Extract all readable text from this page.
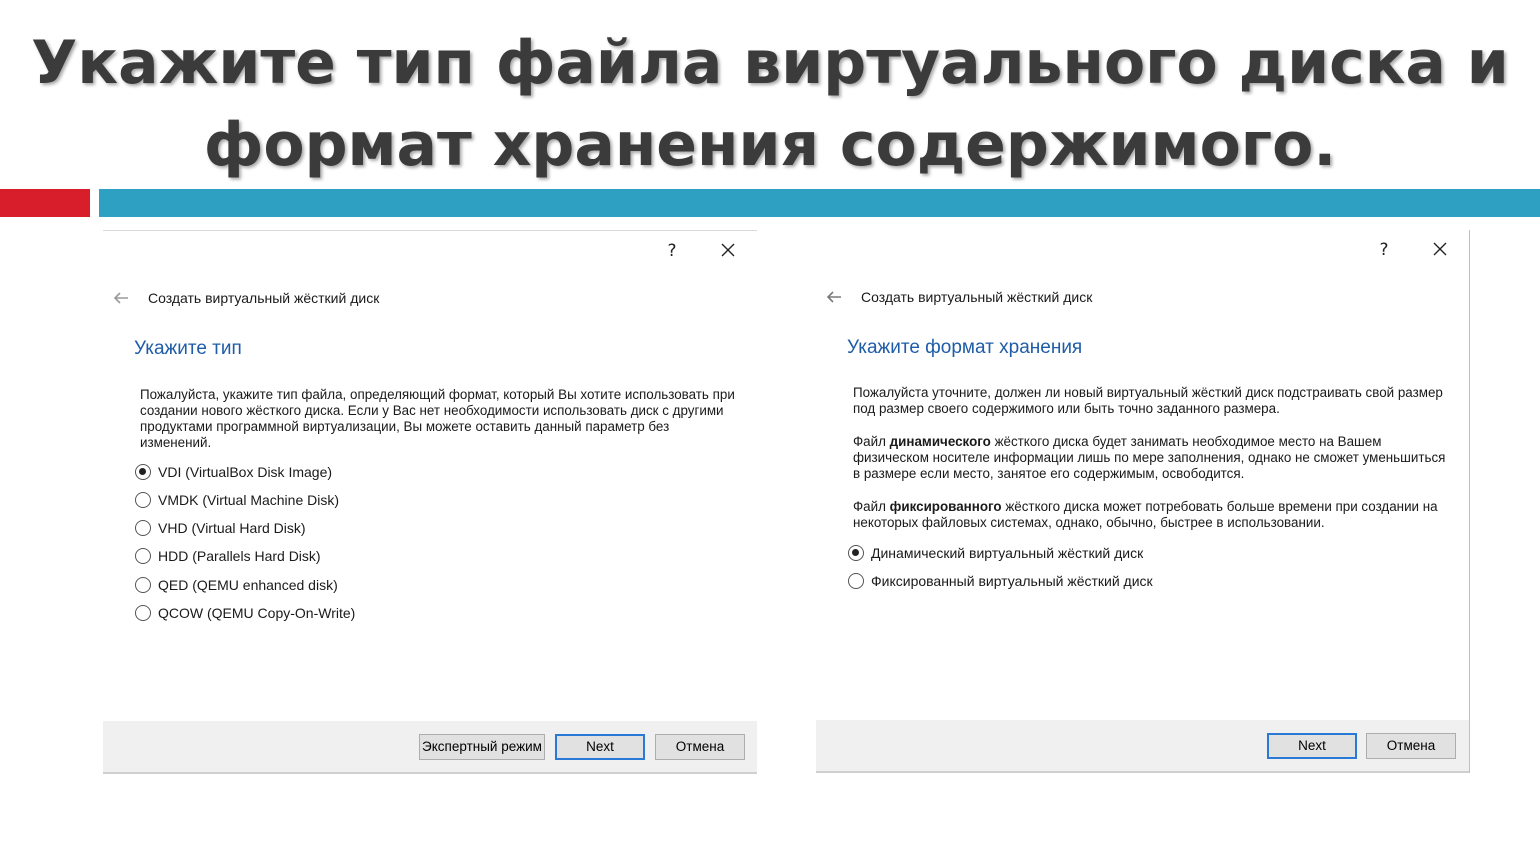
Укажите тип файла виртуального диска и
формат хранения содержимого.
?
Создать виртуальный жёсткий диск
Укажите тип
Пожалуйста, укажите тип файла, определяющий формат, который Вы хотите использовать при создании нового жёсткого диска. Если у Вас нет необходимости использовать диск с другими продуктами программной виртуализации, Вы можете оставить данный параметр без изменений.
VDI (VirtualBox Disk Image)
VMDK (Virtual Machine Disk)
VHD (Virtual Hard Disk)
HDD (Parallels Hard Disk)
QED (QEMU enhanced disk)
QCOW (QEMU Copy-On-Write)
Экспертный режим	Next	Отмена
?
Создать виртуальный жёсткий диск
Укажите формат хранения
Пожалуйста уточните, должен ли новый виртуальный жёсткий диск подстраивать свой размер под размер своего содержимого или быть точно заданного размера.
Файл динамического жёсткого диска будет занимать необходимое место на Вашем физическом носителе информации лишь по мере заполнения, однако не сможет уменьшиться в размере если место, занятое его содержимым, освободится.
Файл фиксированного жёсткого диска может потребовать больше времени при создании на некоторых файловых системах, однако, обычно, быстрее в использовании.
Динамический виртуальный жёсткий диск
Фиксированный виртуальный жёсткий диск
Next	Отмена
